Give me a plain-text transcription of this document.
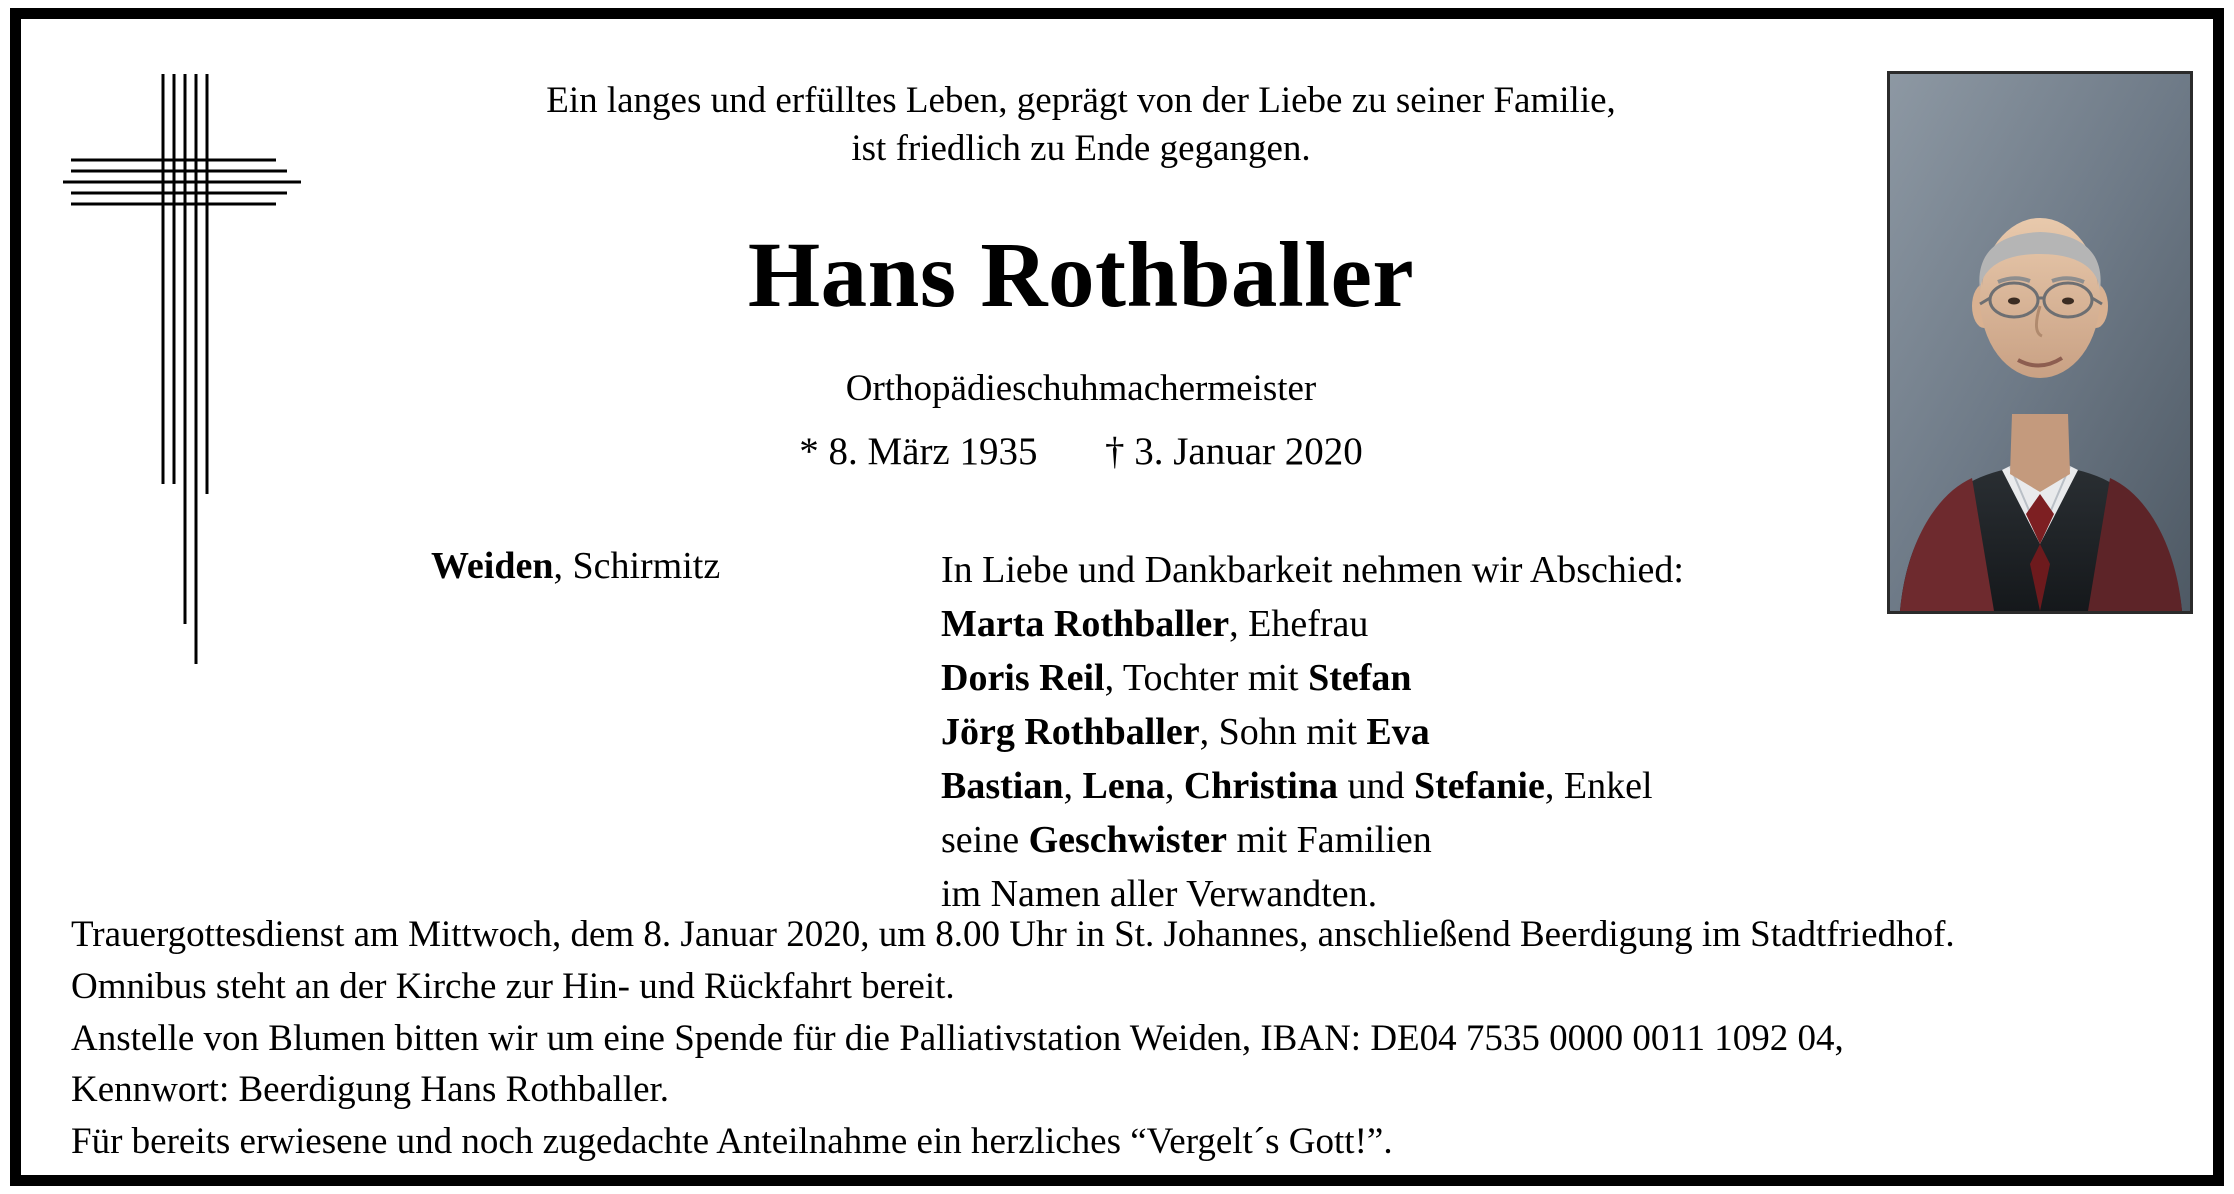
Ein langes und erfülltes Leben, geprägt von der Liebe zu seiner Familie,
ist friedlich zu Ende gegangen.
Hans Rothballer
Orthopädieschuhmachermeister
* 8. März 1935 † 3. Januar 2020
Weiden, Schirmitz	In Liebe und Dankbarkeit nehmen wir Abschied:
Marta Rothballer, Ehefrau
Doris Reil, Tochter mit Stefan
Jörg Rothballer, Sohn mit Eva
Bastian, Lena, Christina und Stefanie, Enkel
seine Geschwister mit Familien
im Namen aller Verwandten.

Trauergottesdienst am Mittwoch, dem 8. Januar 2020, um 8.00 Uhr in St. Johannes, anschließend Beerdigung im Stadtfriedhof.

Omnibus steht an der Kirche zur Hin- und Rückfahrt bereit.

Anstelle von Blumen bitten wir um eine Spende für die Palliativstation Weiden, IBAN: DE04 7535 0000 0011 1092 04,

Kennwort: Beerdigung Hans Rothballer.

Für bereits erwiesene und noch zugedachte Anteilnahme ein herzliches “Vergelt´s Gott!”.
